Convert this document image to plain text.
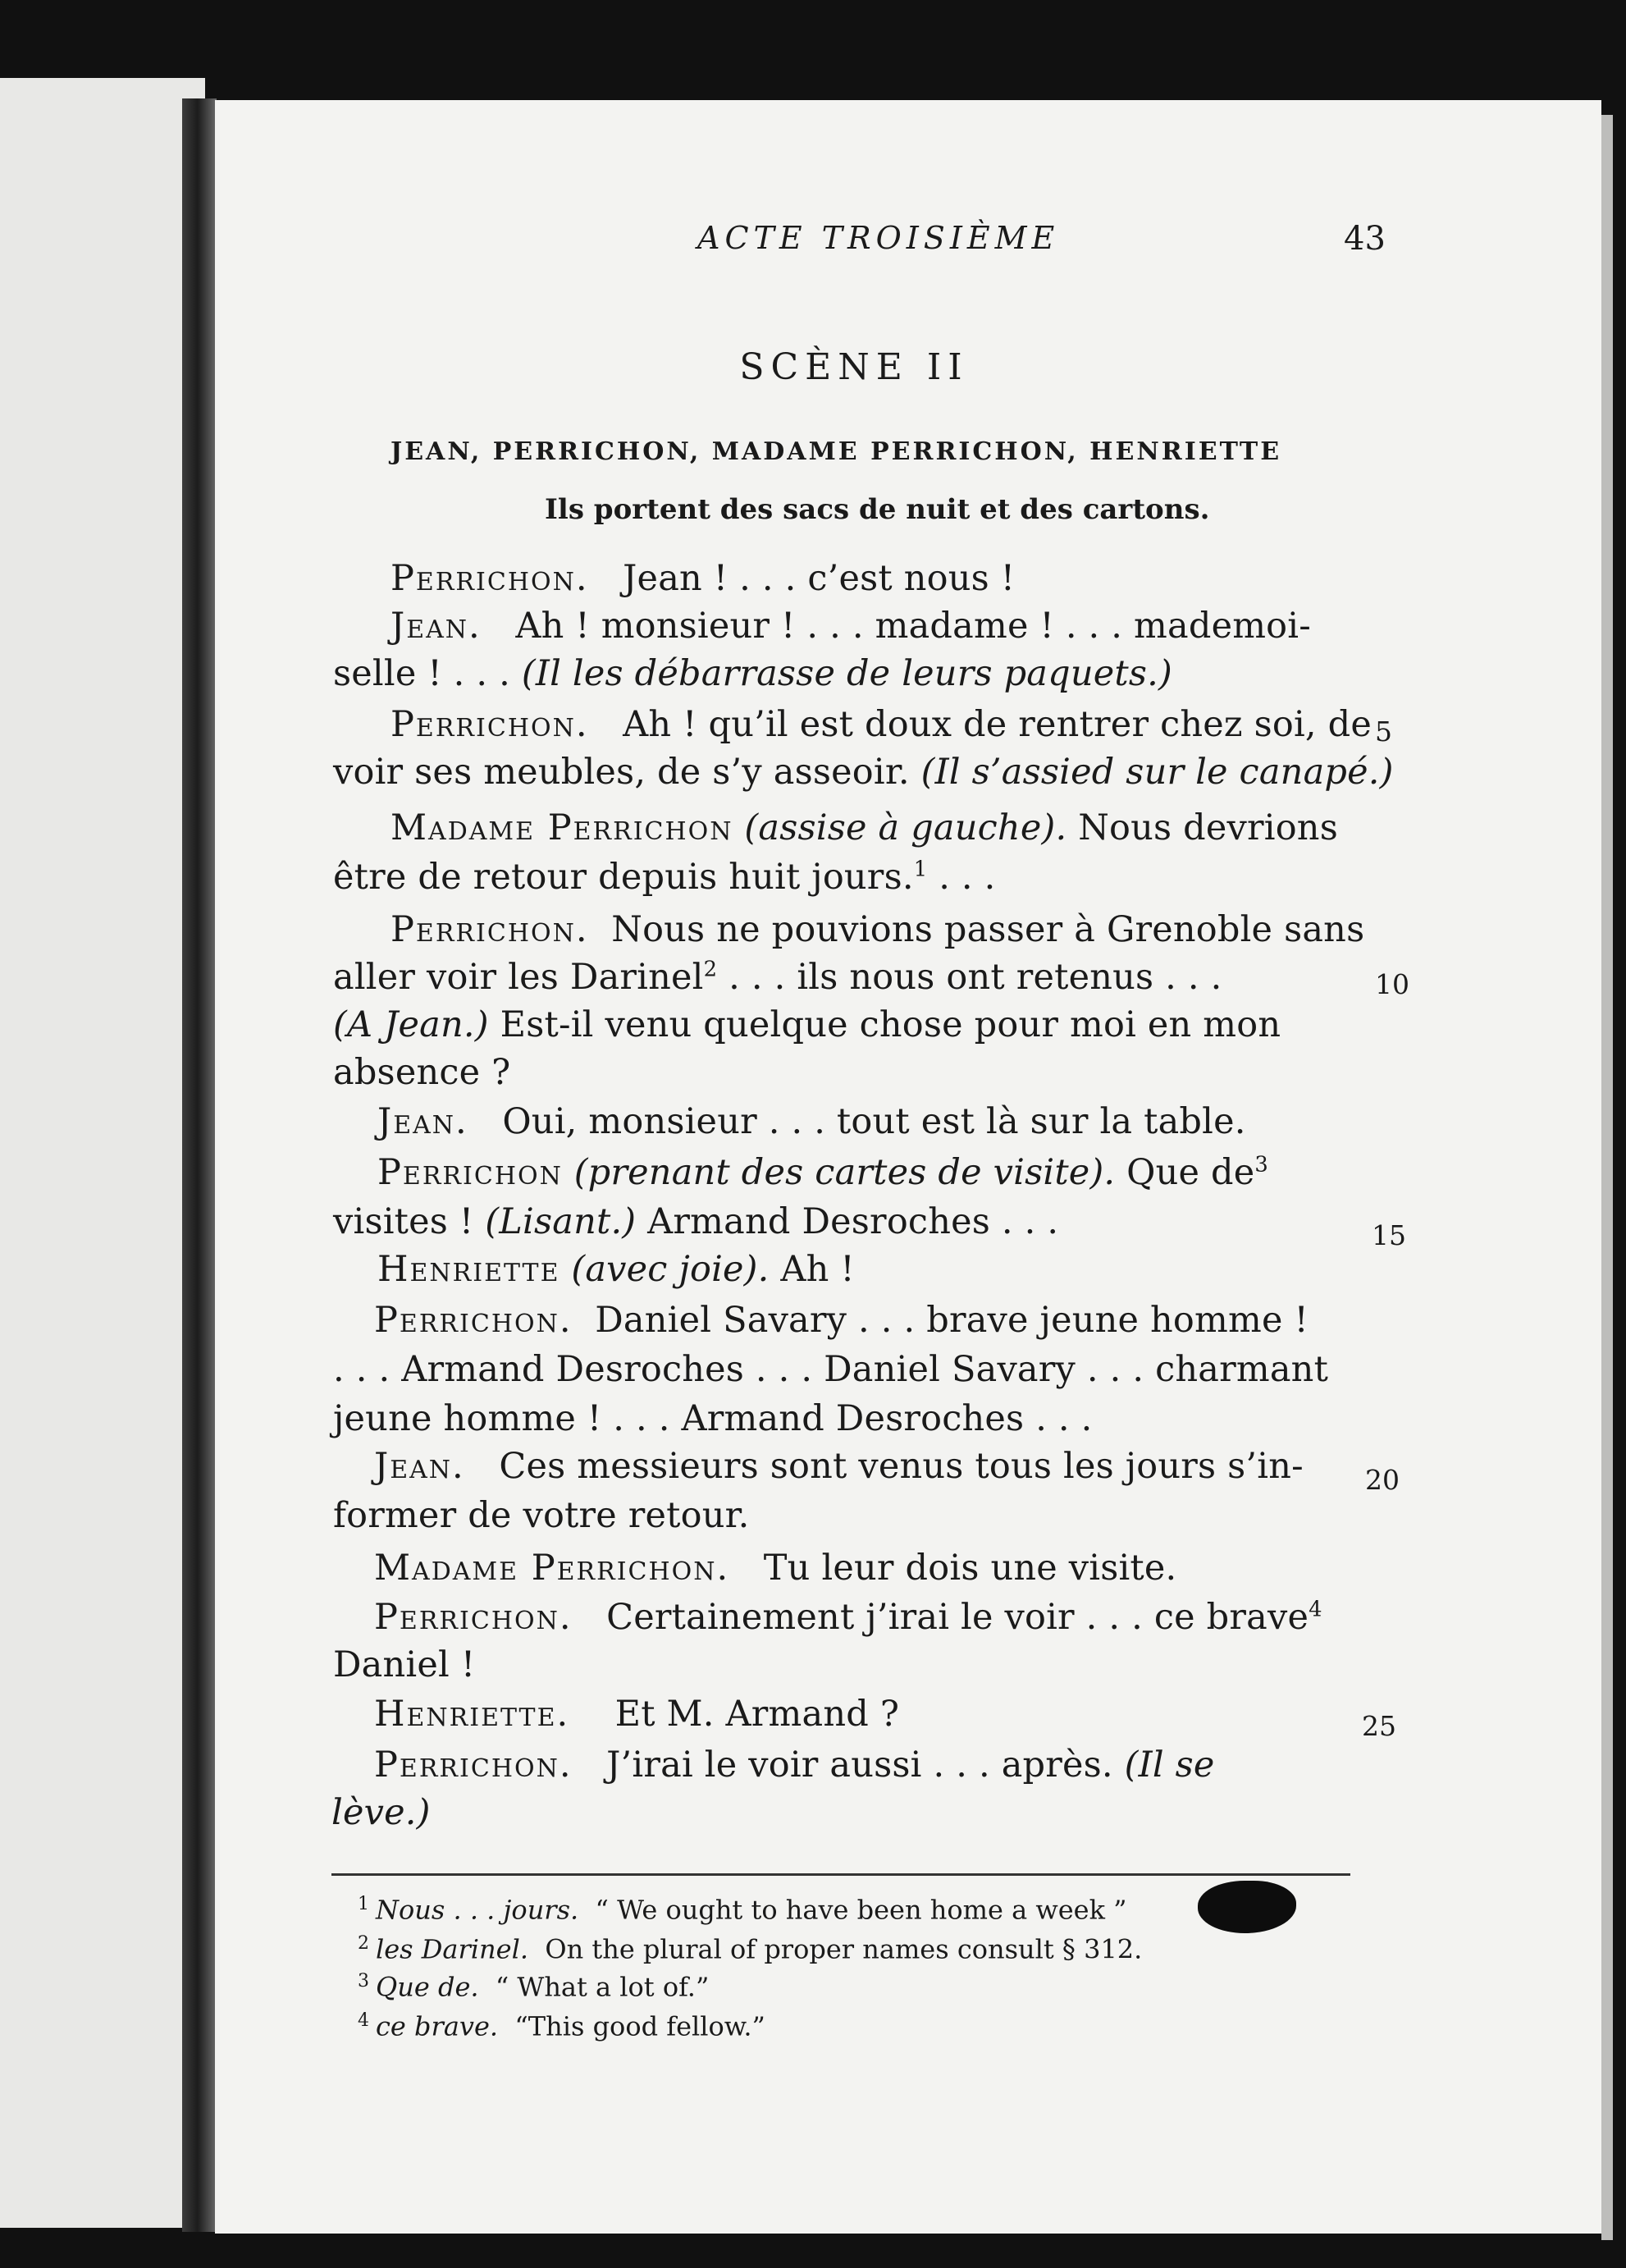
ACTE TROISIÈME	43
SCÈNE II
JEAN, PERRICHON, MADAME PERRICHON, HENRIETTE
Ils portent des sacs de nuit et des cartons.
Perrichon. Jean ! . . . c’est nous !
Jean. Ah ! monsieur ! . . . madame ! . . . mademoi-
selle ! . . . (Il les débarrasse de leurs paquets.)
Perrichon. Ah ! qu’il est doux de rentrer chez soi, de
voir ses meubles, de s’y asseoir. (Il s’assied sur le canapé.)
Madame Perrichon (assise à gauche). Nous devrions
être de retour depuis huit jours.$^1$ . . .
Perrichon. Nous ne pouvions passer à Grenoble sans
aller voir les Darinel$^2$ . . . ils nous ont retenus . . .
(A Jean.) Est-il venu quelque chose pour moi en mon
absence ?
Jean. Oui, monsieur . . . tout est là sur la table.
Perrichon (prenant des cartes de visite). Que $de^3$
visites ! (Lisant.) Armand Desroches . . .
Henriette (avec joie). Ah !
Perrichon. Daniel Savary . . . brave jeune homme !
. . . Armand Desroches . . . Daniel Savary . . . charmant
jeune homme ! . . . Armand Desroches . . .
Jean. Ces messieurs sont venus tous les jours s’in-
former de votre retour.
Madame Perrichon. Tu leur dois une visite.
Perrichon. Certainement j’irai le voir . . . ce brave$^4$
Daniel !
Henriette. Et M. Armand ?
Perrichon. J’irai le voir aussi . . . après. (Il se
lève.)
5
10
15
20
25
$^1$ Nous . . . jours. “ We ought to have been home a week ”
$^2$ les Darinel. On the plural of proper names consult § 312.
$^3$ Que de. “ What a lot of.”
$^4$ ce brave. “This good fellow.”
